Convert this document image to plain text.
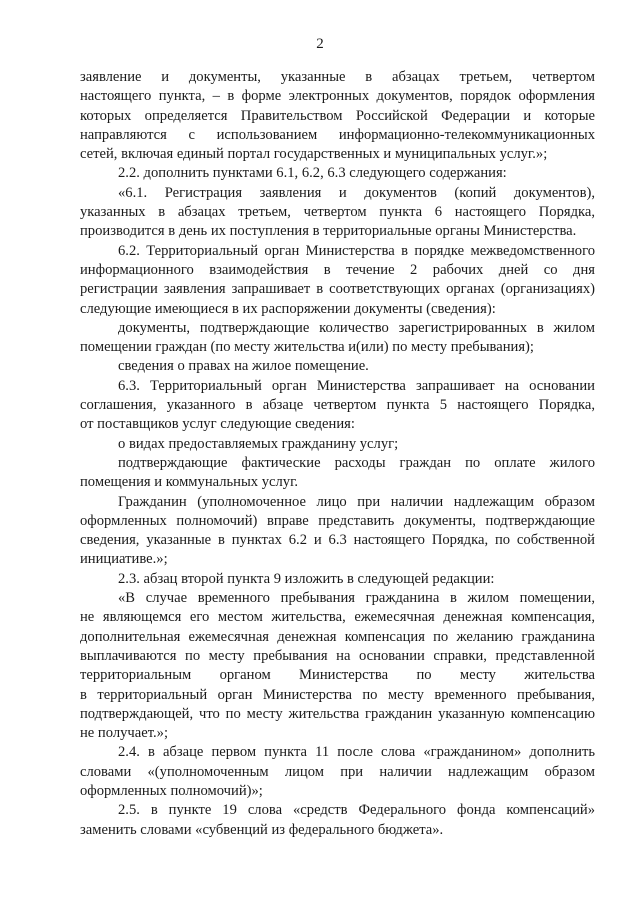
2
заявление и документы, указанные в абзацах третьем, четвертом
настоящего пункта, – в форме электронных документов, порядок оформления
которых определяется Правительством Российской Федерации и которые
направляются с использованием информационно-телекоммуникационных
сетей, включая единый портал государственных и муниципальных услуг.»;
2.2. дополнить пунктами 6.1, 6.2, 6.3 следующего содержания:
«6.1. Регистрация заявления и документов (копий документов),
указанных в абзацах третьем, четвертом пункта 6 настоящего Порядка,
производится в день их поступления в территориальные органы Министерства.
6.2. Территориальный орган Министерства в порядке межведомственного
информационного взаимодействия в течение 2 рабочих дней со дня
регистрации заявления запрашивает в соответствующих органах (организациях)
следующие имеющиеся в их распоряжении документы (сведения):
документы, подтверждающие количество зарегистрированных в жилом
помещении граждан (по месту жительства и(или) по месту пребывания);
сведения о правах на жилое помещение.
6.3. Территориальный орган Министерства запрашивает на основании
соглашения, указанного в абзаце четвертом пункта 5 настоящего Порядка,
от поставщиков услуг следующие сведения:
о видах предоставляемых гражданину услуг;
подтверждающие фактические расходы граждан по оплате жилого
помещения и коммунальных услуг.
Гражданин (уполномоченное лицо при наличии надлежащим образом
оформленных полномочий) вправе представить документы, подтверждающие
сведения, указанные в пунктах 6.2 и 6.3 настоящего Порядка, по собственной
инициативе.»;
2.3. абзац второй пункта 9 изложить в следующей редакции:
«В случае временного пребывания гражданина в жилом помещении,
не являющемся его местом жительства, ежемесячная денежная компенсация,
дополнительная ежемесячная денежная компенсация по желанию гражданина
выплачиваются по месту пребывания на основании справки, представленной
территориальным органом Министерства по месту жительства
в территориальный орган Министерства по месту временного пребывания,
подтверждающей, что по месту жительства гражданин указанную компенсацию
не получает.»;
2.4. в абзаце первом пункта 11 после слова «гражданином» дополнить
словами «(уполномоченным лицом при наличии надлежащим образом
оформленных полномочий)»;
2.5. в пункте 19 слова «средств Федерального фонда компенсаций»
заменить словами «субвенций из федерального бюджета».
